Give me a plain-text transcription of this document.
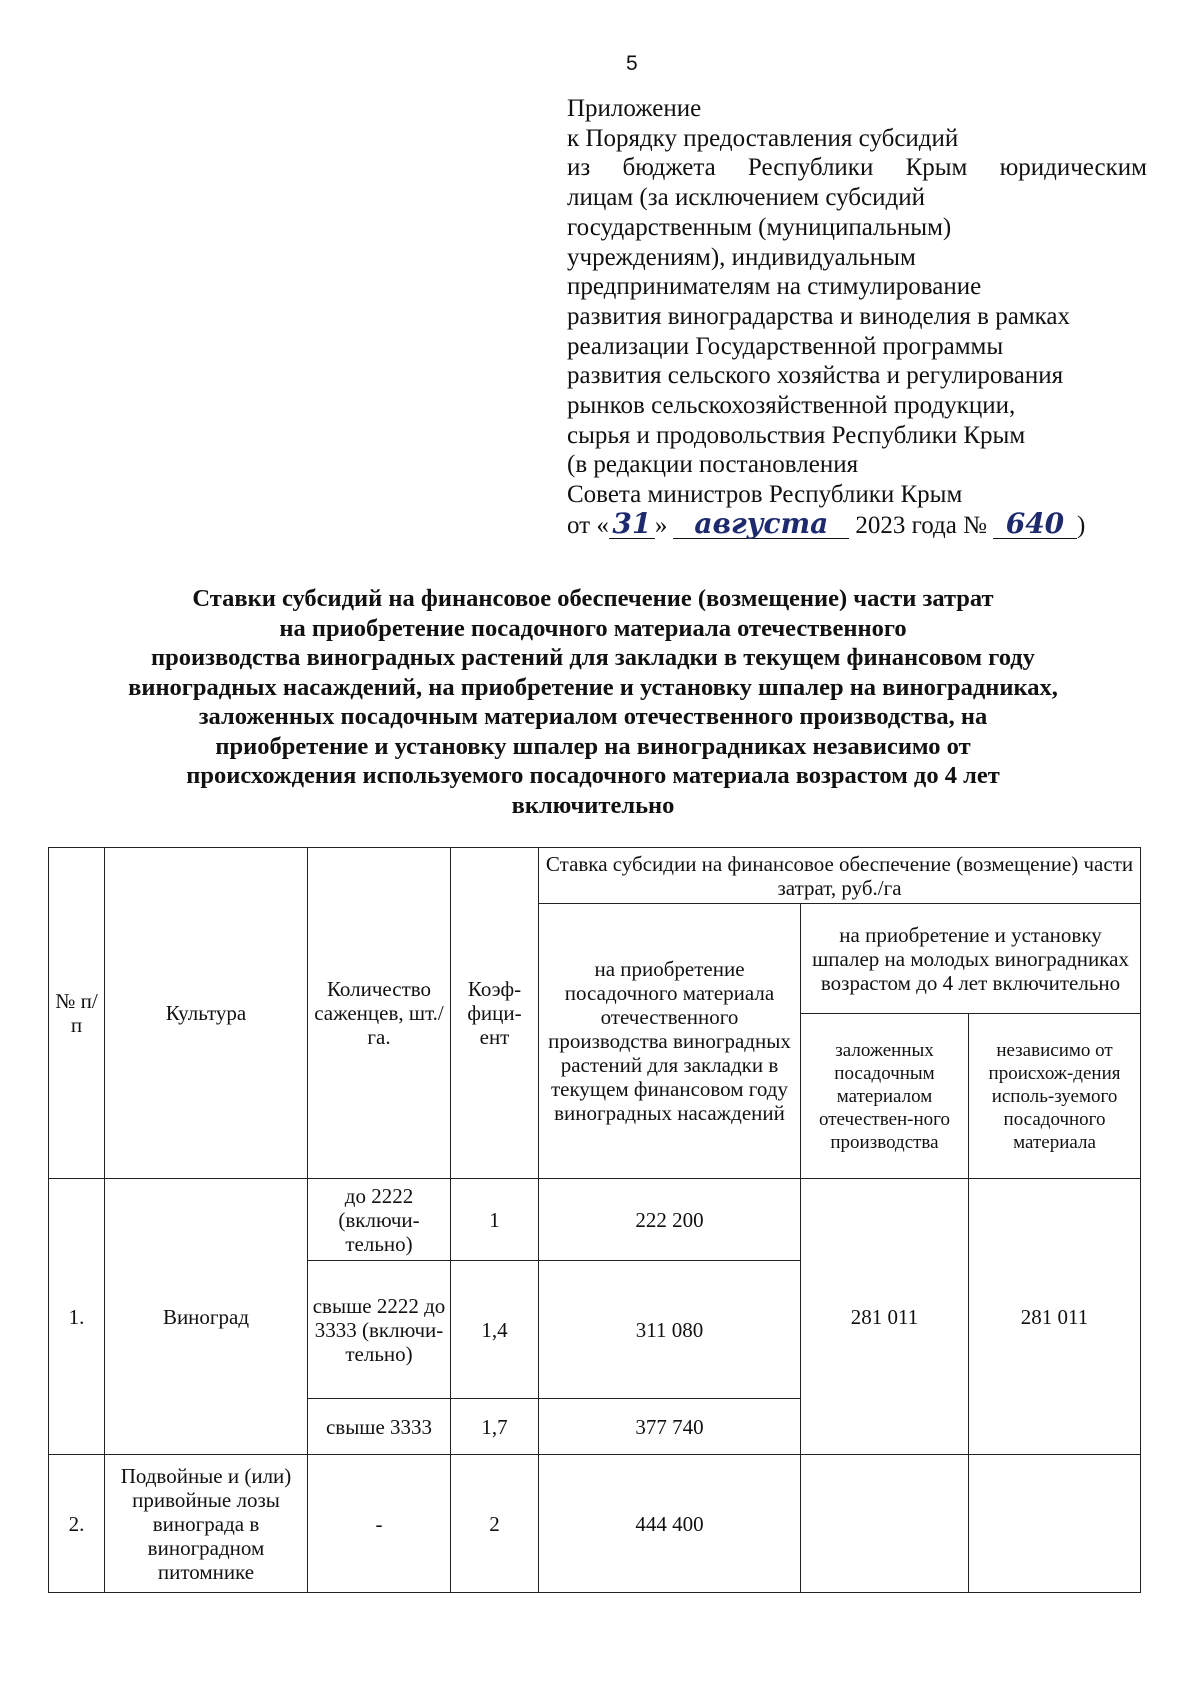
5
Приложение
к Порядку предоставления субсидий
из бюджета Республики Крым юридическим
лицам (за исключением субсидий
государственным (муниципальным)
учреждениям), индивидуальным
предпринимателям на стимулирование
развития виноградарства и виноделия в рамках
реализации Государственной программы
развития сельского хозяйства и регулирования
рынков сельскохозяйственной продукции,
сырья и продовольствия Республики Крым
(в редакции постановления
Совета министров Республики Крым
от « 31 » августа	2023 года № 640 )
Ставки субсидий на финансовое обеспечение (возмещение) части затрат
на приобретение посадочного материала отечественного
производства виноградных растений для закладки в текущем финансовом году
виноградных насаждений, на приобретение и установку шпалер на виноградниках,
заложенных посадочным материалом отечественного производства, на
приобретение и установку шпалер на виноградниках независимо от
происхождения используемого посадочного материала возрастом до 4 лет
включительно
№ п/п	Культура	Количество саженцев, шт./га.	Коэф-фици-ент	Ставка субсидии на финансовое обеспечение (возмещение) части затрат, руб./га		
				на приобретение посадочного материала отечественного производства виноградных растений для закладки в текущем финансовом году виноградных насаждений	на приобретение и установку шпалер на молодых виноградниках возрастом до 4 лет включительно	
					заложенных посадочным материалом отечествен-ного производства	независимо от происхож-дения исполь-зуемого посадочного материала
1.	Виноград	до 2222 (включи-тельно)	1	222 200	281 011	281 011
		свыше 2222 до 3333 (включи-тельно)	1,4	311 080		
		свыше 3333	1,7	377 740		
2.	Подвойные и (или) привойные лозы винограда в виноградном питомнике	-	2	444 400		
